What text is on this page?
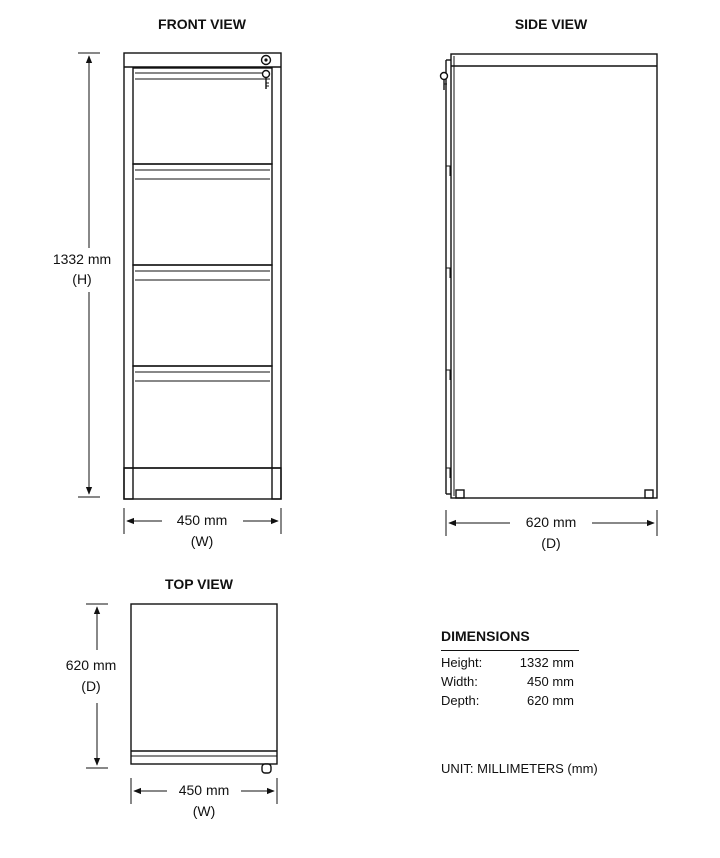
FRONT VIEW
1332 mm
(H)
450 mm
(W)
SIDE VIEW
620 mm
(D)
TOP VIEW
620 mm
(D)
450 mm
(W)
DIMENSIONS
Height:	1332 mm
Width:	450 mm
Depth:	620 mm
UNIT: MILLIMETERS (mm)
